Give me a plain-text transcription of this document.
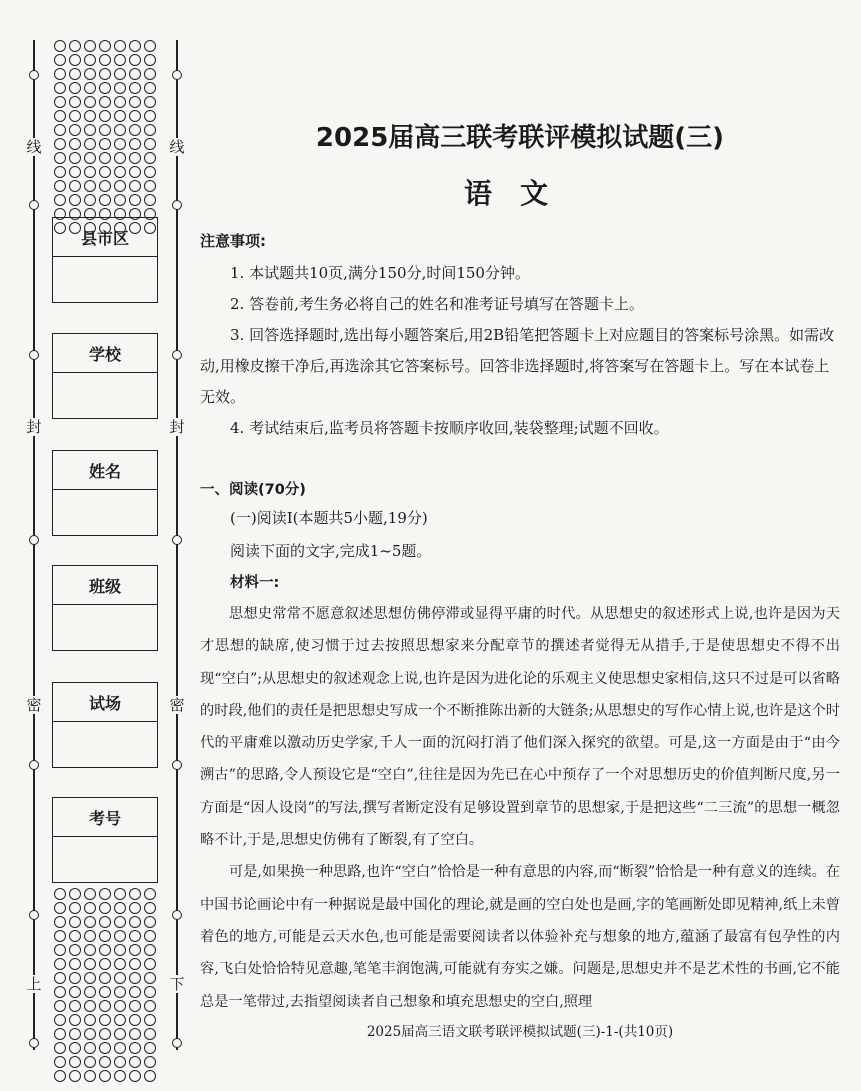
线	线
封	封
密	密
上	下
县市区
学校
姓名
班级
试场
考号
2025届高三联考联评模拟试题(三)
语文
注意事项:

1. 本试题共10页,满分150分,时间150分钟。

2. 答卷前,考生务必将自己的姓名和准考证号填写在答题卡上。

3. 回答选择题时,选出每小题答案后,用2B铅笔把答题卡上对应题目的答案标号涂黑。如需改动,用橡皮擦干净后,再选涂其它答案标号。回答非选择题时,将答案写在答题卡上。写在本试卷上无效。

4. 考试结束后,监考员将答题卡按顺序收回,装袋整理;试题不回收。

一、阅读(70分)
(一)阅读Ⅰ(本题共5小题,19分)
阅读下面的文字,完成1~5题。
材料一:

思想史常常不愿意叙述思想仿佛停滞或显得平庸的时代。从思想史的叙述形式上说,也许是因为天才思想的缺席,使习惯于过去按照思想家来分配章节的撰述者觉得无从措手,于是使思想史不得不出现“空白”;从思想史的叙述观念上说,也许是因为进化论的乐观主义使思想史家相信,这只不过是可以省略的时段,他们的责任是把思想史写成一个不断推陈出新的大链条;从思想史的写作心情上说,也许是这个时代的平庸难以激动历史学家,千人一面的沉闷打消了他们深入探究的欲望。可是,这一方面是由于“由今溯古”的思路,令人预设它是“空白”,往往是因为先已在心中预存了一个对思想历史的价值判断尺度,另一方面是“因人设岗”的写法,撰写者断定没有足够设置到章节的思想家,于是把这些“二三流”的思想一概忽略不计,于是,思想史仿佛有了断裂,有了空白。

可是,如果换一种思路,也许“空白”恰恰是一种有意思的内容,而“断裂”恰恰是一种有意义的连续。在中国书论画论中有一种据说是最中国化的理论,就是画的空白处也是画,字的笔画断处即见精神,纸上未曾着色的地方,可能是云天水色,也可能是需要阅读者以体验补充与想象的地方,蕴涵了最富有包孕性的内容,飞白处恰恰特见意趣,笔笔丰润饱满,可能就有夯实之嫌。问题是,思想史并不是艺术性的书画,它不能总是一笔带过,去指望阅读者自己想象和填充思想史的空白,照理

2025届高三语文联考联评模拟试题(三)-1-(共10页)
